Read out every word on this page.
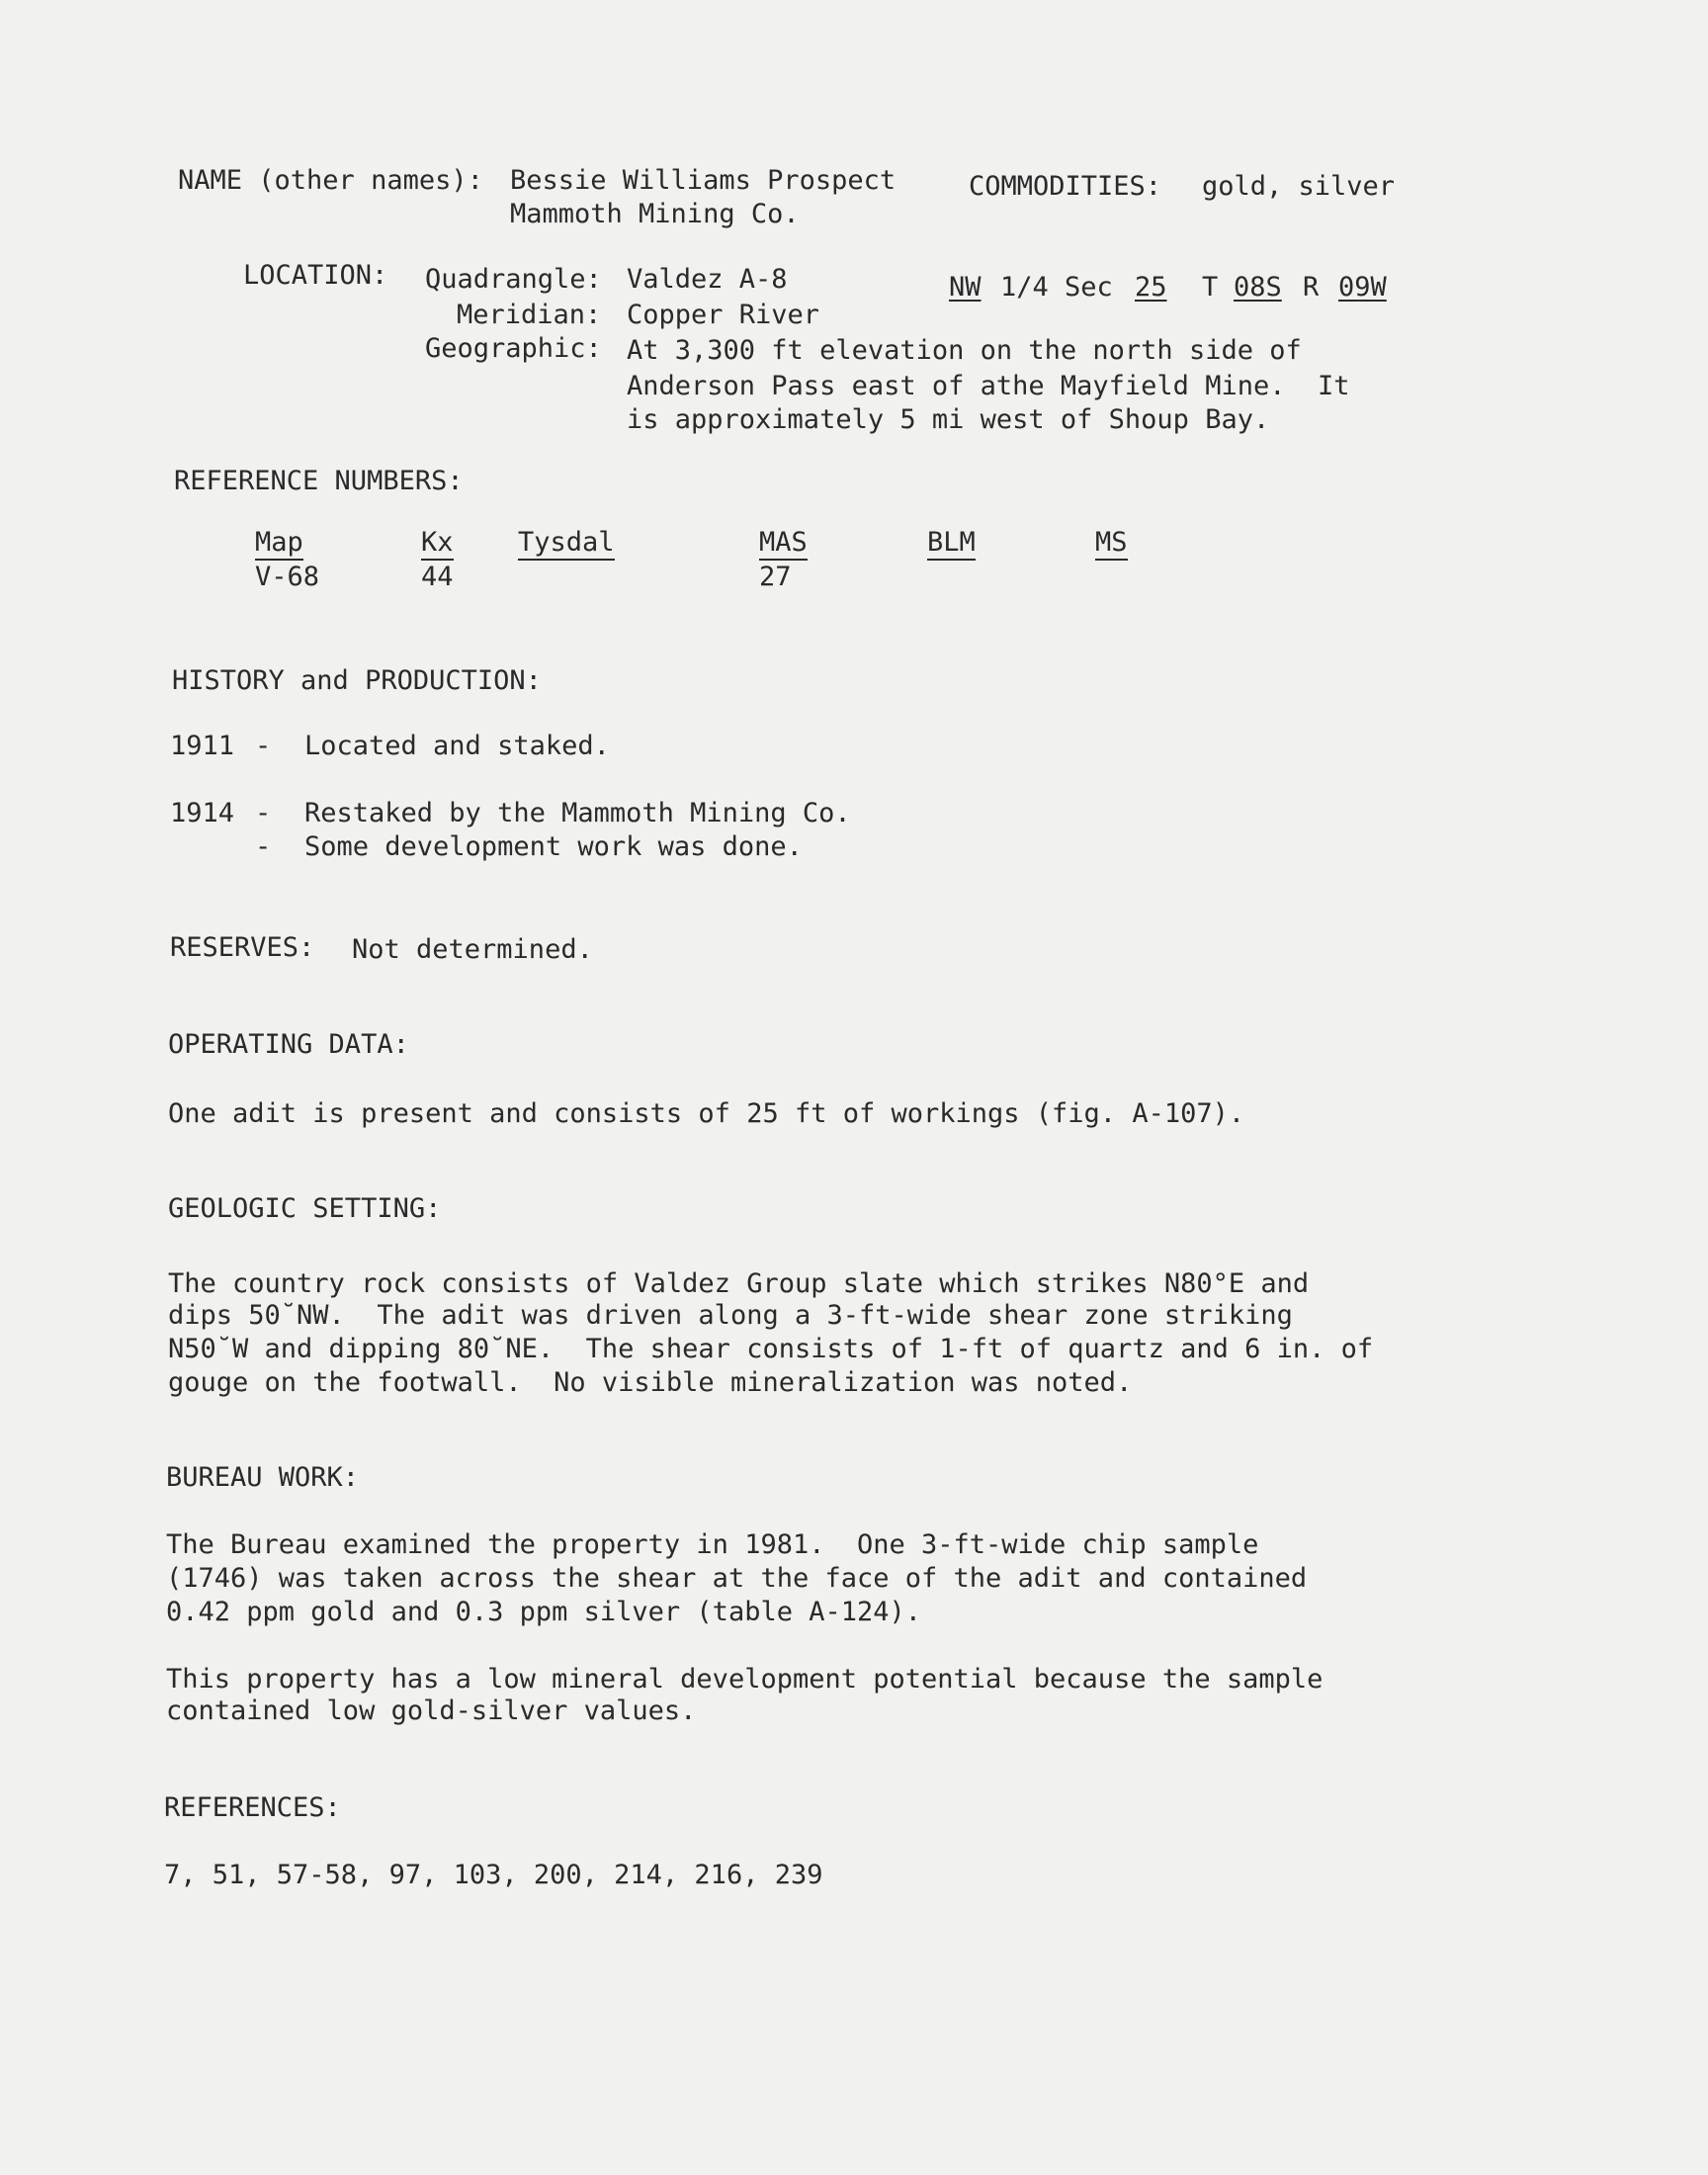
NAME (other names): Bessie Williams Prospect
Mammoth Mining Co.
COMMODITIES: gold, silver
LOCATION: Quadrangle: Valdez A-8
Meridian: Copper River
Geographic: At 3,300 ft elevation on the north side of
Anderson Pass east of athe Mayfield Mine.  It
is approximately 5 mi west of Shoup Bay.
NW 1/4 Sec 25 T 08S R 09W
REFERENCE NUMBERS:
Map
V-68
Kx
44
Tysdal
	MAS
27
BLM
	MS

HISTORY and PRODUCTION:
1911 - Located and staked.
1914 - Restaked by the Mammoth Mining Co.
- Some development work was done.
RESERVES: Not determined.
OPERATING DATA:
One adit is present and consists of 25 ft of workings (fig. A-107).
GEOLOGIC SETTING:
The country rock consists of Valdez Group slate which strikes N80°E and
dips 50˘NW.  The adit was driven along a 3-ft-wide shear zone striking
N50˘W and dipping 80˘NE.  The shear consists of 1-ft of quartz and 6 in. of
gouge on the footwall.  No visible mineralization was noted.
BUREAU WORK:
The Bureau examined the property in 1981.  One 3-ft-wide chip sample
(1746) was taken across the shear at the face of the adit and contained
0.42 ppm gold and 0.3 ppm silver (table A-124).
This property has a low mineral development potential because the sample
contained low gold-silver values.
REFERENCES:
7, 51, 57-58, 97, 103, 200, 214, 216, 239
